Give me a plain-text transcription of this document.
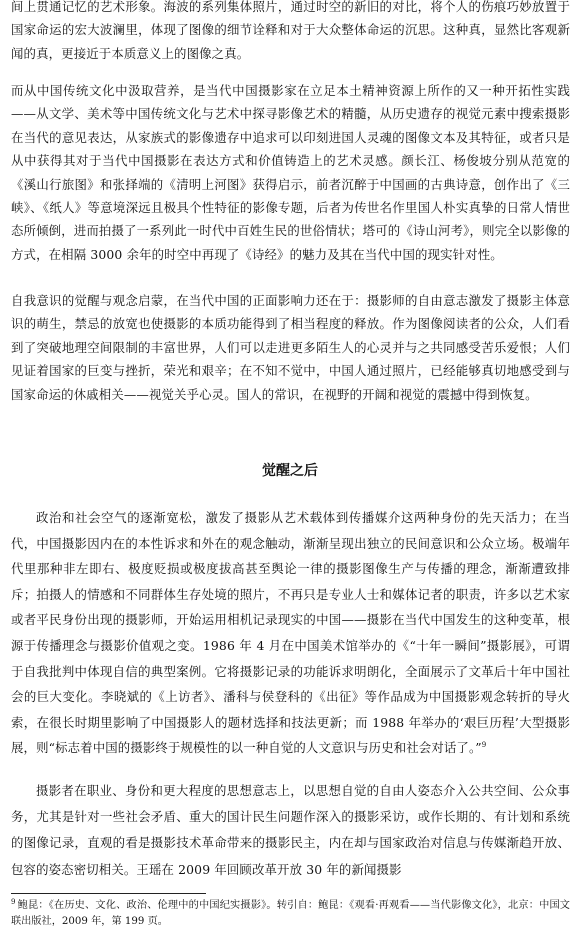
间上贯通记忆的艺术形象。海波的系列集体照片，通过时空的新旧的对比，将个人的伤痕巧妙放置于国家命运的宏大波澜里，体现了图像的细节诠释和对于大众整体命运的沉思。这种真，显然比客观新闻的真，更接近于本质意义上的图像之真。

而从中国传统文化中汲取营养，是当代中国摄影家在立足本土精神资源上所作的又一种开拓性实践——从文学、美术等中国传统文化与艺术中探寻影像艺术的精髓，从历史遗存的视觉元素中搜索摄影在当代的意见表达，从家族式的影像遗存中追求可以印刻进国人灵魂的图像文本及其特征，或者只是从中获得其对于当代中国摄影在表达方式和价值铸造上的艺术灵感。颜长江、杨俊坡分别从范宽的《溪山行旅图》和张择端的《清明上河图》获得启示，前者沉醉于中国画的古典诗意，创作出了《三峡》、《纸人》等意境深远且极具个性特征的影像专题，后者为传世名作里国人朴实真挚的日常人情世态所倾倒，进而拍摄了一系列此一时代中百姓生民的世俗情状；塔可的《诗山河考》，则完全以影像的方式，在相隔 3000 余年的时空中再现了《诗经》的魅力及其在当代中国的现实针对性。

自我意识的觉醒与观念启蒙，在当代中国的正面影响力还在于：摄影师的自由意志激发了摄影主体意识的萌生，禁忌的放宽也使摄影的本质功能得到了相当程度的释放。作为图像阅读者的公众，人们看到了突破地理空间限制的丰富世界，人们可以走进更多陌生人的心灵并与之共同感受苦乐爱恨；人们见证着国家的巨变与挫折，荣光和艰辛；在不知不觉中，中国人通过照片，已经能够真切地感受到与国家命运的休戚相关——视觉关乎心灵。国人的常识，在视野的开阔和视觉的震撼中得到恢复。

觉醒之后

政治和社会空气的逐渐宽松，激发了摄影从艺术载体到传播媒介这两种身份的先天活力；在当代，中国摄影因内在的本性诉求和外在的观念触动，渐渐呈现出独立的民间意识和公众立场。极端年代里那种非左即右、极度贬损或极度拔高甚至舆论一律的摄影图像生产与传播的理念，渐渐遭致排斥；拍摄人的情感和不同群体生存处境的照片，不再只是专业人士和媒体记者的职责，许多以艺术家或者平民身份出现的摄影师，开始运用相机记录现实的中国——摄影在当代中国发生的这种变革，根源于传播理念与摄影价值观之变。1986 年 4 月在中国美术馆举办的《“十年一瞬间”摄影展》，可谓于自我批判中体现自信的典型案例。它将摄影记录的功能诉求明朗化，全面展示了文革后十年中国社会的巨大变化。李晓斌的《上访者》、潘科与侯登科的《出征》等作品成为中国摄影观念转折的导火索，在很长时期里影响了中国摄影人的题材选择和技法更新；而 1988 年举办的‘艰巨历程’大型摄影展，则“标志着中国的摄影终于规模性的以一种自觉的人文意识与历史和社会对话了。”$^9$

摄影者在职业、身份和更大程度的思想意志上，以思想自觉的自由人姿态介入公共空间、公众事务，尤其是针对一些社会矛盾、重大的国计民生问题作深入的摄影采访，或作长期的、有计划和系统的图像记录，直观的看是摄影技术革命带来的摄影民主，内在却与国家政治对信息与传媒渐趋开放、包容的姿态密切相关。王瑶在 2009 年回顾改革开放 30 年的新闻摄影

$^9$ 鲍昆：《在历史、文化、政治、伦理中的中国纪实摄影》。转引自：鲍昆：《观看·再观看——当代影像文化》，北京：中国文联出版社，2009 年，第 199 页。
